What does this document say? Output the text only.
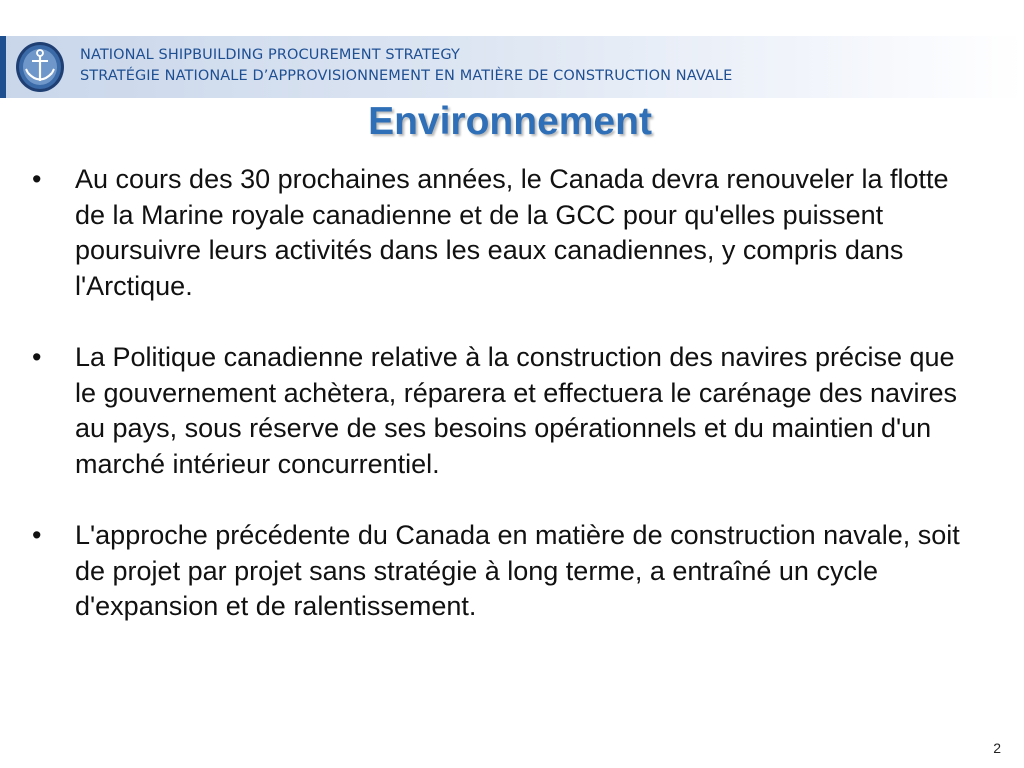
NATIONAL SHIPBUILDING PROCUREMENT STRATEGY
STRATÉGIE NATIONALE D’APPROVISIONNEMENT EN MATIÈRE DE CONSTRUCTION NAVALE
Environnement
• Au cours des 30 prochaines années, le Canada devra renouveler la flotte de la Marine royale canadienne et de la GCC pour qu'elles puissent poursuivre leurs activités dans les eaux canadiennes, y compris dans l'Arctique.
• La Politique canadienne relative à la construction des navires précise que le gouvernement achètera, réparera et effectuera le carénage des navires au pays, sous réserve de ses besoins opérationnels et du maintien d'un marché intérieur concurrentiel.
• L'approche précédente du Canada en matière de construction navale, soit de projet par projet sans stratégie à long terme, a entraîné un cycle d'expansion et de ralentissement.
2
